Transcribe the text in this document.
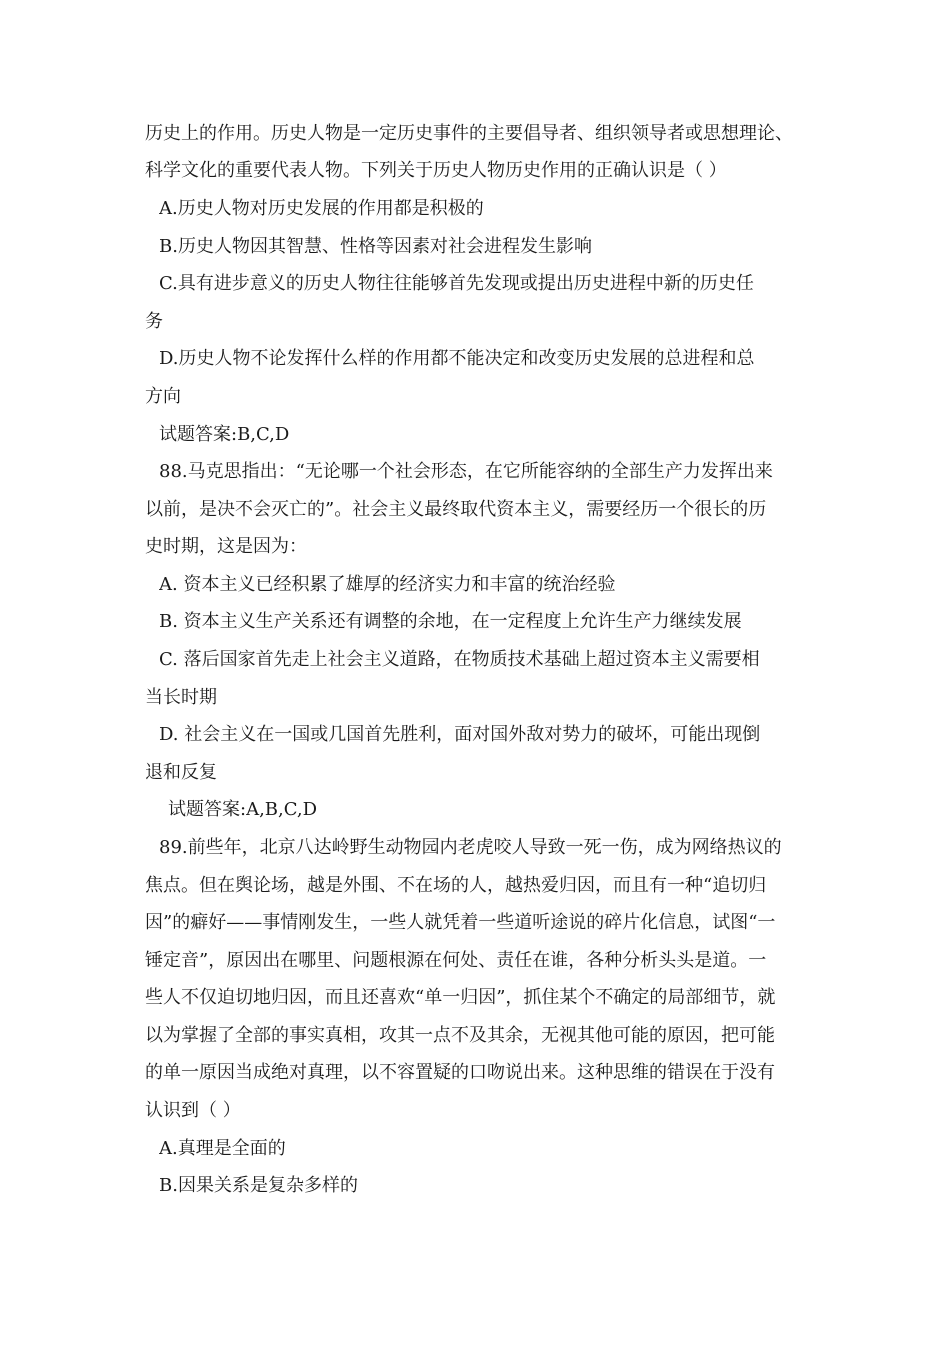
历史上的作用。历史人物是一定历史事件的主要倡导者、组织领导者或思想理论、
科学文化的重要代表人物。下列关于历史人物历史作用的正确认识是（ ）
A.历史人物对历史发展的作用都是积极的
B.历史人物因其智慧、性格等因素对社会进程发生影响
C.具有进步意义的历史人物往往能够首先发现或提出历史进程中新的历史任
务
D.历史人物不论发挥什么样的作用都不能决定和改变历史发展的总进程和总
方向
试题答案:B,C,D
88.马克思指出：“无论哪一个社会形态，在它所能容纳的全部生产力发挥出来
以前，是决不会灭亡的”。社会主义最终取代资本主义，需要经历一个很长的历
史时期，这是因为：
A. 资本主义已经积累了雄厚的经济实力和丰富的统治经验
B. 资本主义生产关系还有调整的余地，在一定程度上允许生产力继续发展
C. 落后国家首先走上社会主义道路，在物质技术基础上超过资本主义需要相
当长时期
D. 社会主义在一国或几国首先胜利，面对国外敌对势力的破坏，可能出现倒
退和反复
试题答案:A,B,C,D
89.前些年，北京八达岭野生动物园内老虎咬人导致一死一伤，成为网络热议的
焦点。但在舆论场，越是外围、不在场的人，越热爱归因，而且有一种“追切归
因”的癖好——事情刚发生，一些人就凭着一些道听途说的碎片化信息，试图“一
锤定音”，原因出在哪里、问题根源在何处、责任在谁，各种分析头头是道。一
些人不仅迫切地归因，而且还喜欢“单一归因”，抓住某个不确定的局部细节，就
以为掌握了全部的事实真相，攻其一点不及其余，无视其他可能的原因，把可能
的单一原因当成绝对真理，以不容置疑的口吻说出来。这种思维的错误在于没有
认识到（ ）
A.真理是全面的
B.因果关系是复杂多样的
